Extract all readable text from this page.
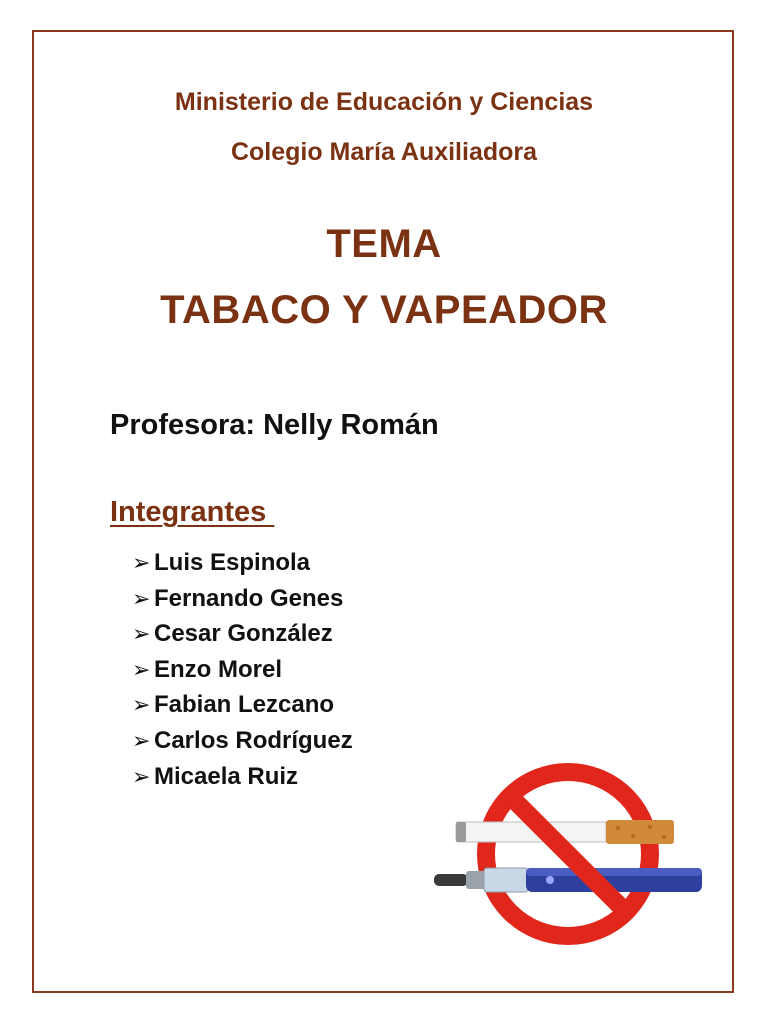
Ministerio de Educación y Ciencias
Colegio María Auxiliadora
TEMA
TABACO Y VAPEADOR
Profesora: Nelly Román
Integrantes
➢ Luis Espinola
➢ Fernando Genes
➢ Cesar González
➢ Enzo Morel
➢ Fabian Lezcano
➢ Carlos Rodríguez
➢ Micaela Ruiz
